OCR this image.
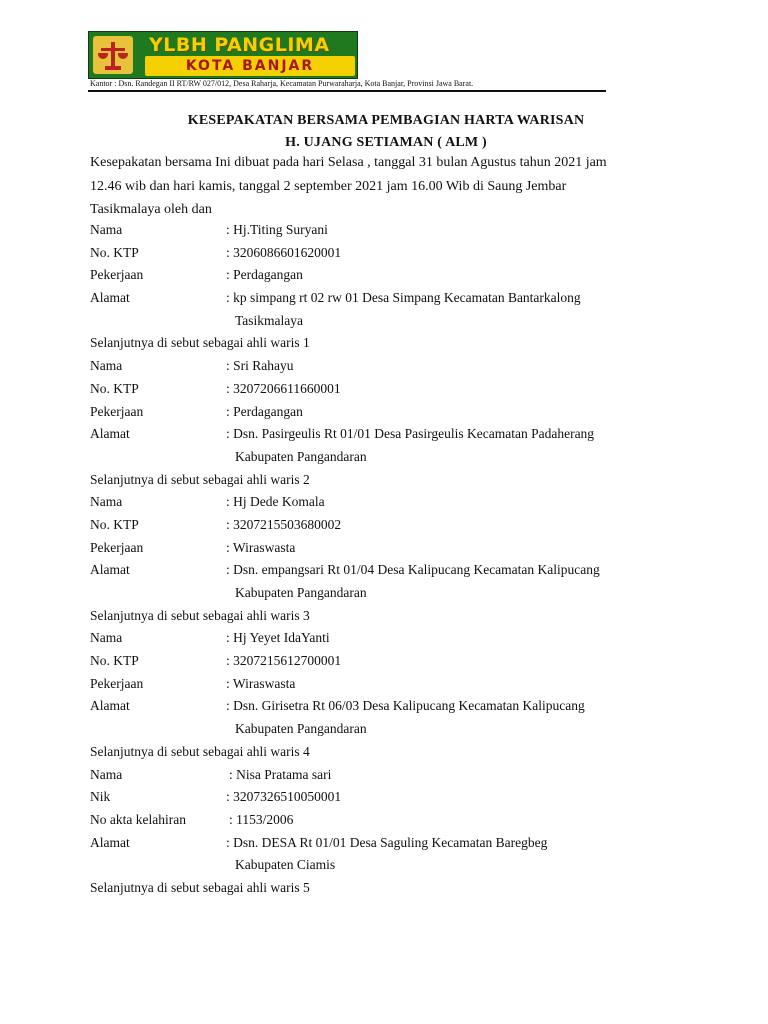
YLBH PANGLIMA
KOTA BANJAR
Kantor : Dsn. Randegan II RT/RW 027/012, Desa Raharja, Kecamatan Purwaraharja, Kota Banjar, Provinsi Jawa Barat.
KESEPAKATAN BERSAMA PEMBAGIAN HARTA WARISAN
H. UJANG SETIAMAN ( ALM )
Kesepakatan bersama Ini dibuat pada hari Selasa , tanggal 31 bulan Agustus tahun 2021 jam
12.46 wib dan hari kamis, tanggal 2 september 2021 jam 16.00 Wib di Saung Jembar
Tasikmalaya oleh dan
Nama	: Hj.Titing Suryani
No. KTP	: 3206086601620001
Pekerjaan	: Perdagangan
Alamat	: kp simpang rt 02 rw 01 Desa Simpang Kecamatan Bantarkalong
Tasikmalaya
Selanjutnya di sebut sebagai ahli waris 1
Nama	: Sri Rahayu
No. KTP	: 3207206611660001
Pekerjaan	: Perdagangan
Alamat	: Dsn. Pasirgeulis Rt 01/01 Desa Pasirgeulis Kecamatan Padaherang
Kabupaten Pangandaran
Selanjutnya di sebut sebagai ahli waris 2
Nama	: Hj Dede Komala
No. KTP	: 3207215503680002
Pekerjaan	: Wiraswasta
Alamat	: Dsn. empangsari Rt 01/04 Desa Kalipucang Kecamatan Kalipucang
Kabupaten Pangandaran
Selanjutnya di sebut sebagai ahli waris 3
Nama	: Hj Yeyet IdaYanti
No. KTP	: 3207215612700001
Pekerjaan	: Wiraswasta
Alamat	: Dsn. Girisetra Rt 06/03 Desa Kalipucang Kecamatan Kalipucang
Kabupaten Pangandaran
Selanjutnya di sebut sebagai ahli waris 4
Nama	: Nisa Pratama sari
Nik	: 3207326510050001
No akta kelahiran	: 1153/2006
Alamat	: Dsn. DESA Rt 01/01 Desa Saguling Kecamatan Baregbeg
Kabupaten Ciamis
Selanjutnya di sebut sebagai ahli waris 5
